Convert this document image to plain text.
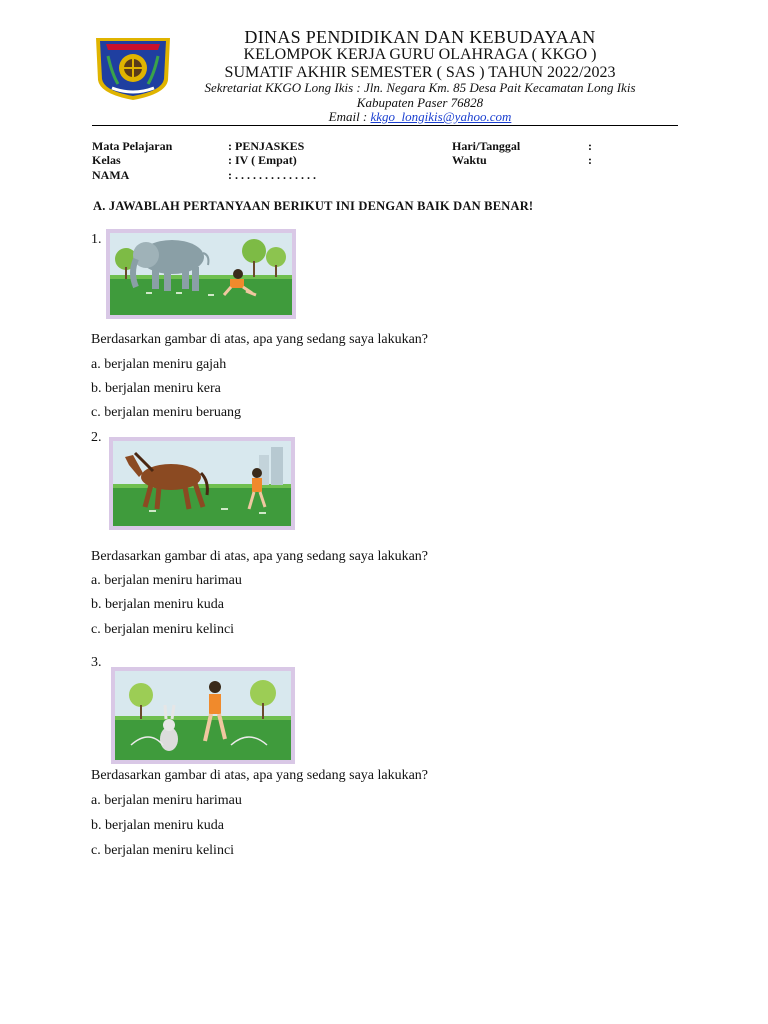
DINAS PENDIDIKAN DAN KEBUDAYAAN
KELOMPOK KERJA GURU OLAHRAGA ( KKGO )
SUMATIF AKHIR SEMESTER ( SAS ) TAHUN 2022/2023
Sekretariat KKGO Long Ikis : Jln. Negara Km. 85 Desa Pait Kecamatan Long Ikis
Kabupaten Paser 76828
Email : kkgo_longikis@yahoo.com
Mata Pelajaran	: PENJASKES
Kelas	: IV ( Empat)
NAMA	: . . . . . . . . . . . . . .
Hari/Tanggal	:
Waktu	:
A. JAWABLAH PERTANYAAN BERIKUT INI DENGAN BAIK DAN BENAR!
1.
Berdasarkan gambar di atas, apa yang sedang saya lakukan?
a. berjalan meniru gajah
b. berjalan meniru kera
c. berjalan meniru beruang
2.
Berdasarkan gambar di atas, apa yang sedang saya lakukan?
a. berjalan meniru harimau
b. berjalan meniru kuda
c. berjalan meniru kelinci
3.
Berdasarkan gambar di atas, apa yang sedang saya lakukan?
a. berjalan meniru harimau
b. berjalan meniru kuda
c. berjalan meniru kelinci
